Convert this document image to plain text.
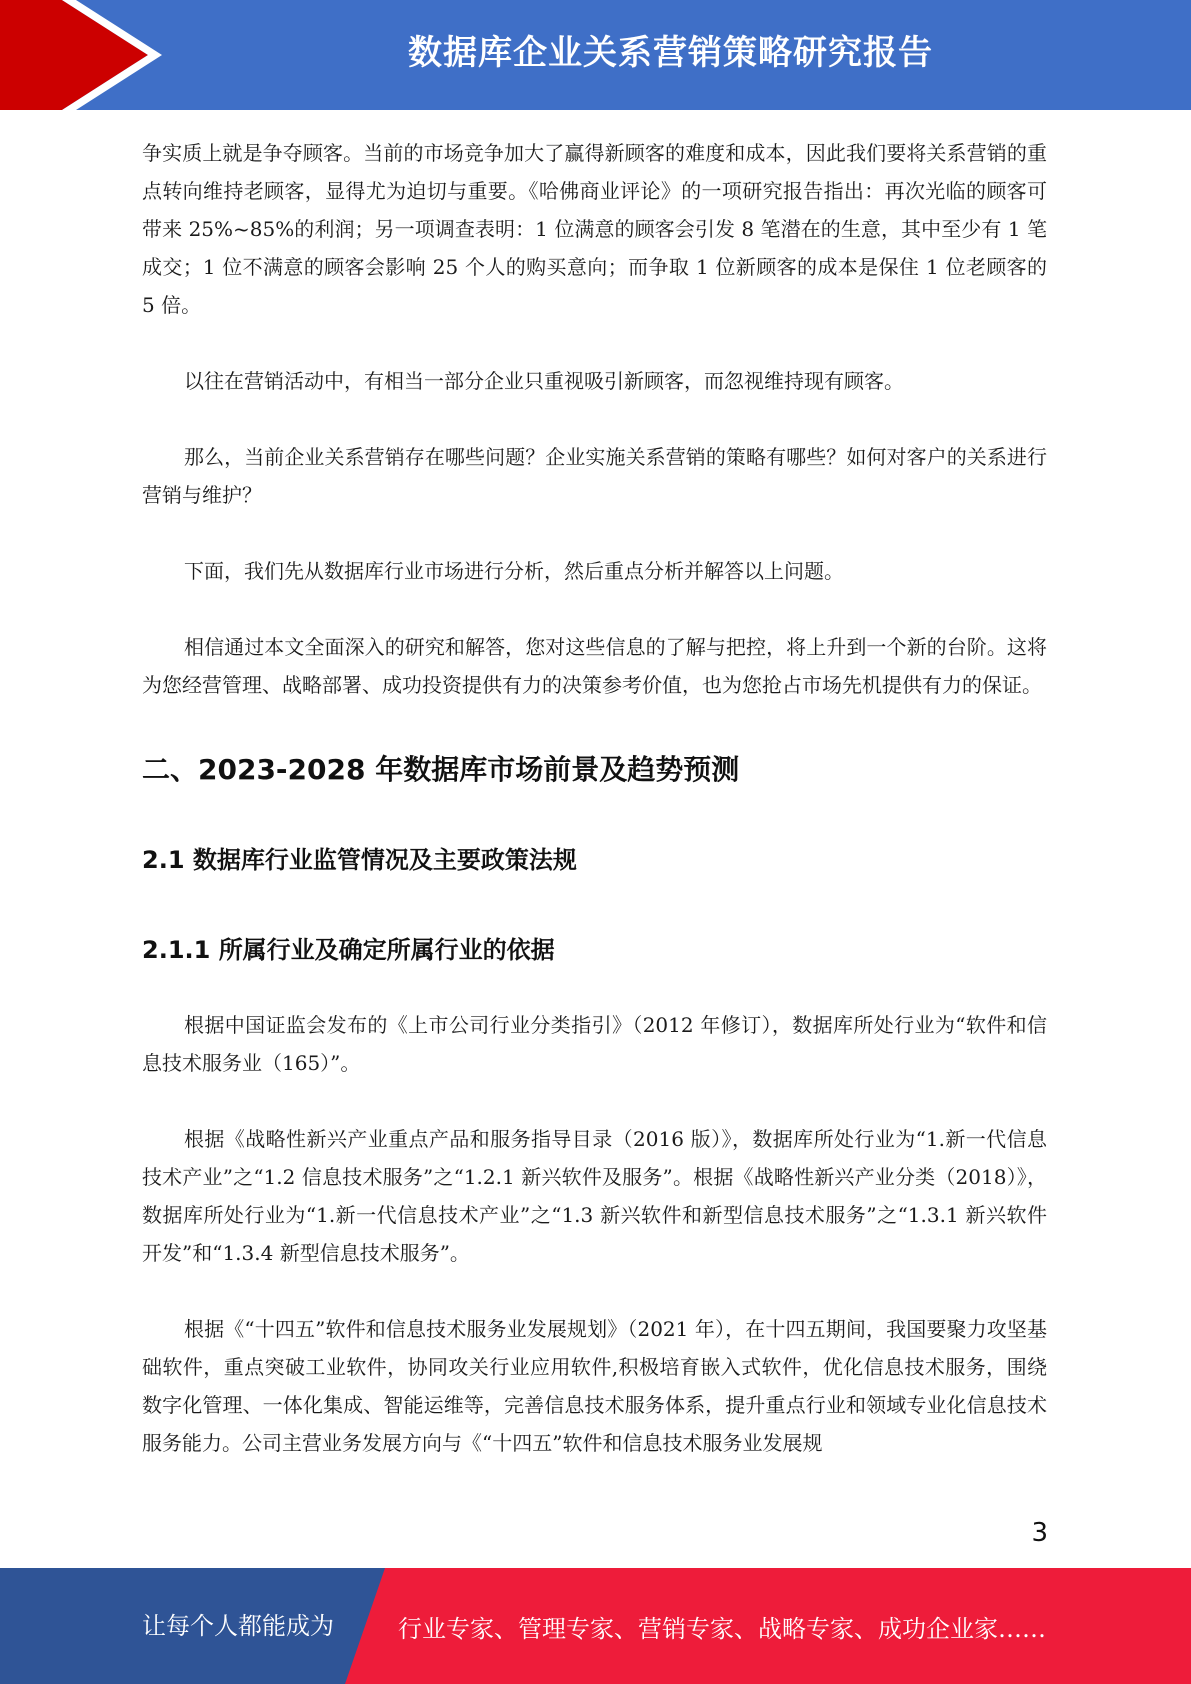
数据库企业关系营销策略研究报告

争实质上就是争夺顾客。当前的市场竞争加大了赢得新顾客的难度和成本，因此我们要将关系营销的重点转向维持老顾客，显得尤为迫切与重要。《哈佛商业评论》的一项研究报告指出：再次光临的顾客可带来 25%~85%的利润；另一项调查表明：1 位满意的顾客会引发 8 笔潜在的生意，其中至少有 1 笔成交；1 位不满意的顾客会影响 25 个人的购买意向；而争取 1 位新顾客的成本是保住 1 位老顾客的 5 倍。

以往在营销活动中，有相当一部分企业只重视吸引新顾客，而忽视维持现有顾客。

那么，当前企业关系营销存在哪些问题？企业实施关系营销的策略有哪些？如何对客户的关系进行营销与维护？

下面，我们先从数据库行业市场进行分析，然后重点分析并解答以上问题。

相信通过本文全面深入的研究和解答，您对这些信息的了解与把控，将上升到一个新的台阶。这将为您经营管理、战略部署、成功投资提供有力的决策参考价值，也为您抢占市场先机提供有力的保证。

二、2023-2028 年数据库市场前景及趋势预测
2.1 数据库行业监管情况及主要政策法规
2.1.1 所属行业及确定所属行业的依据

根据中国证监会发布的《上市公司行业分类指引》（2012 年修订），数据库所处行业为“软件和信息技术服务业（165）”。

根据《战略性新兴产业重点产品和服务指导目录（2016 版）》，数据库所处行业为“1.新一代信息技术产业”之“1.2 信息技术服务”之“1.2.1 新兴软件及服务”。根据《战略性新兴产业分类（2018）》，数据库所处行业为“1.新一代信息技术产业”之“1.3 新兴软件和新型信息技术服务”之“1.3.1 新兴软件开发”和“1.3.4 新型信息技术服务”。

根据《“十四五”软件和信息技术服务业发展规划》（2021 年），在十四五期间，我国要聚力攻坚基础软件，重点突破工业软件，协同攻关行业应用软件,积极培育嵌入式软件，优化信息技术服务，围绕数字化管理、一体化集成、智能运维等，完善信息技术服务体系，提升重点行业和领域专业化信息技术服务能力。公司主营业务发展方向与《“十四五”软件和信息技术服务业发展规

3
让每个人都能成为	行业专家、管理专家、营销专家、战略专家、成功企业家……
